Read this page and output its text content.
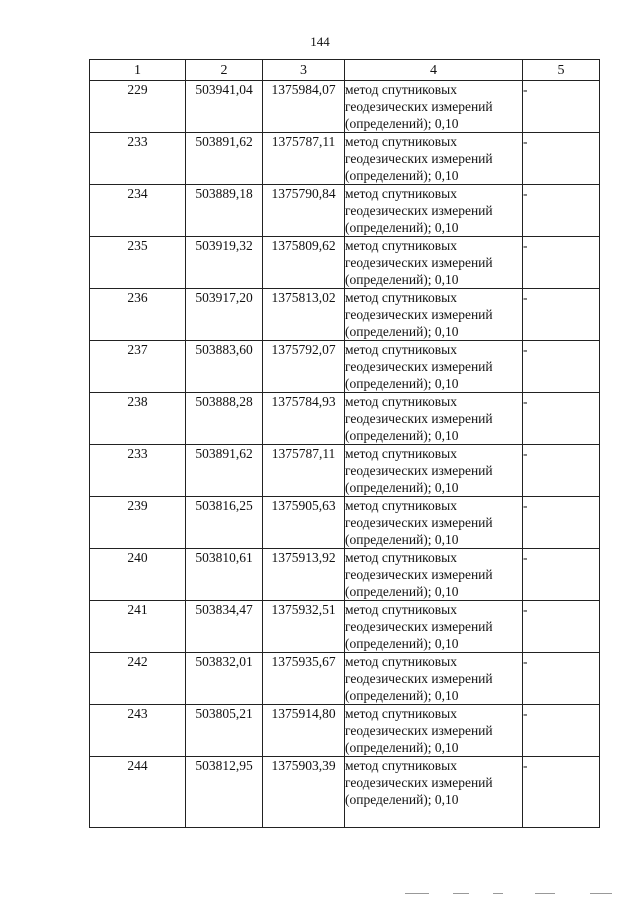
144
1	2	3	4	5
229	503941,04	1375984,07	метод спутниковых
геодезических измерений
(определений); 0,10	-
233	503891,62	1375787,11	метод спутниковых
геодезических измерений
(определений); 0,10	-
234	503889,18	1375790,84	метод спутниковых
геодезических измерений
(определений); 0,10	-
235	503919,32	1375809,62	метод спутниковых
геодезических измерений
(определений); 0,10	-
236	503917,20	1375813,02	метод спутниковых
геодезических измерений
(определений); 0,10	-
237	503883,60	1375792,07	метод спутниковых
геодезических измерений
(определений); 0,10	-
238	503888,28	1375784,93	метод спутниковых
геодезических измерений
(определений); 0,10	-
233	503891,62	1375787,11	метод спутниковых
геодезических измерений
(определений); 0,10	-
239	503816,25	1375905,63	метод спутниковых
геодезических измерений
(определений); 0,10	-
240	503810,61	1375913,92	метод спутниковых
геодезических измерений
(определений); 0,10	-
241	503834,47	1375932,51	метод спутниковых
геодезических измерений
(определений); 0,10	-
242	503832,01	1375935,67	метод спутниковых
геодезических измерений
(определений); 0,10	-
243	503805,21	1375914,80	метод спутниковых
геодезических измерений
(определений); 0,10	-
244	503812,95	1375903,39	метод спутниковых
геодезических измерений
(определений); 0,10	-
